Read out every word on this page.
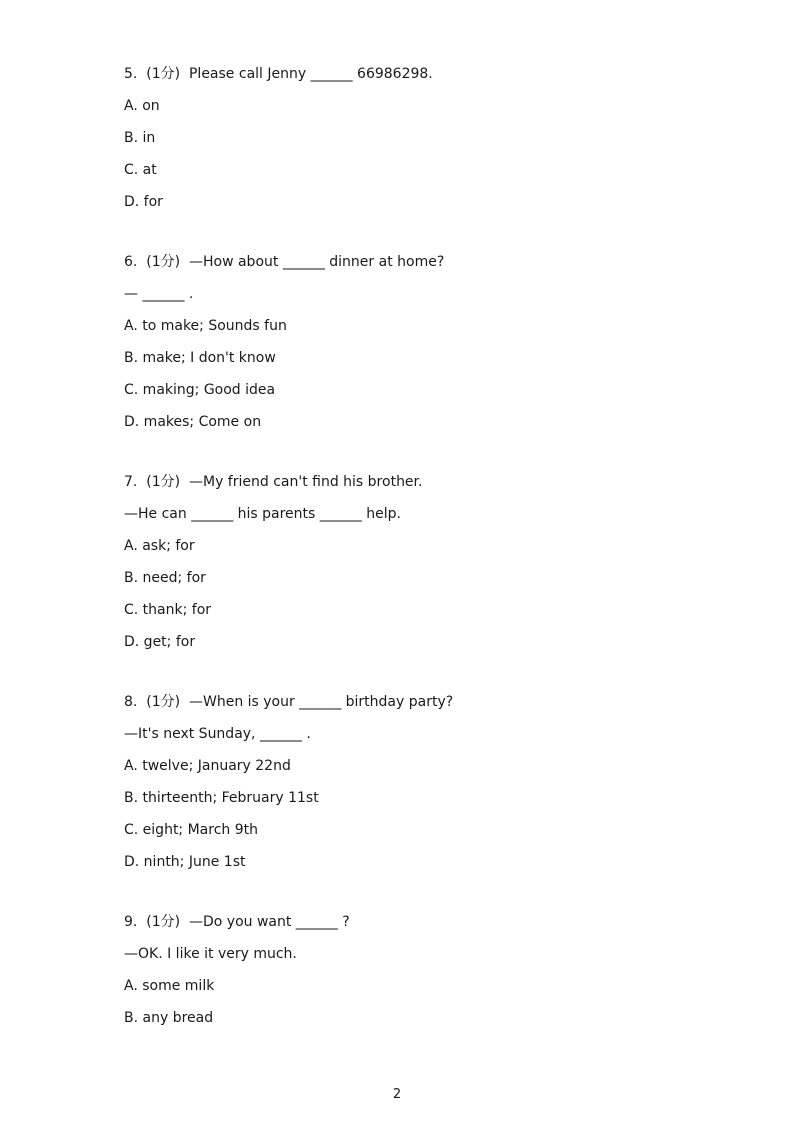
5.  (1分)  Please call Jenny ______ 66986298.
A. on
B. in
C. at
D. for
6.  (1分)  —How about ______ dinner at home?
— ______ .
A. to make; Sounds fun
B. make; I don't know
C. making; Good idea
D. makes; Come on
7.  (1分)  —My friend can't find his brother.
—He can ______ his parents ______ help.
A. ask; for
B. need; for
C. thank; for
D. get; for
8.  (1分)  —When is your ______ birthday party?
—It's next Sunday, ______ .
A. twelve; January 22nd
B. thirteenth; February 11st
C. eight; March 9th
D. ninth; June 1st
9.  (1分)  —Do you want ______ ?
—OK. I like it very much.
A. some milk
B. any bread
2
